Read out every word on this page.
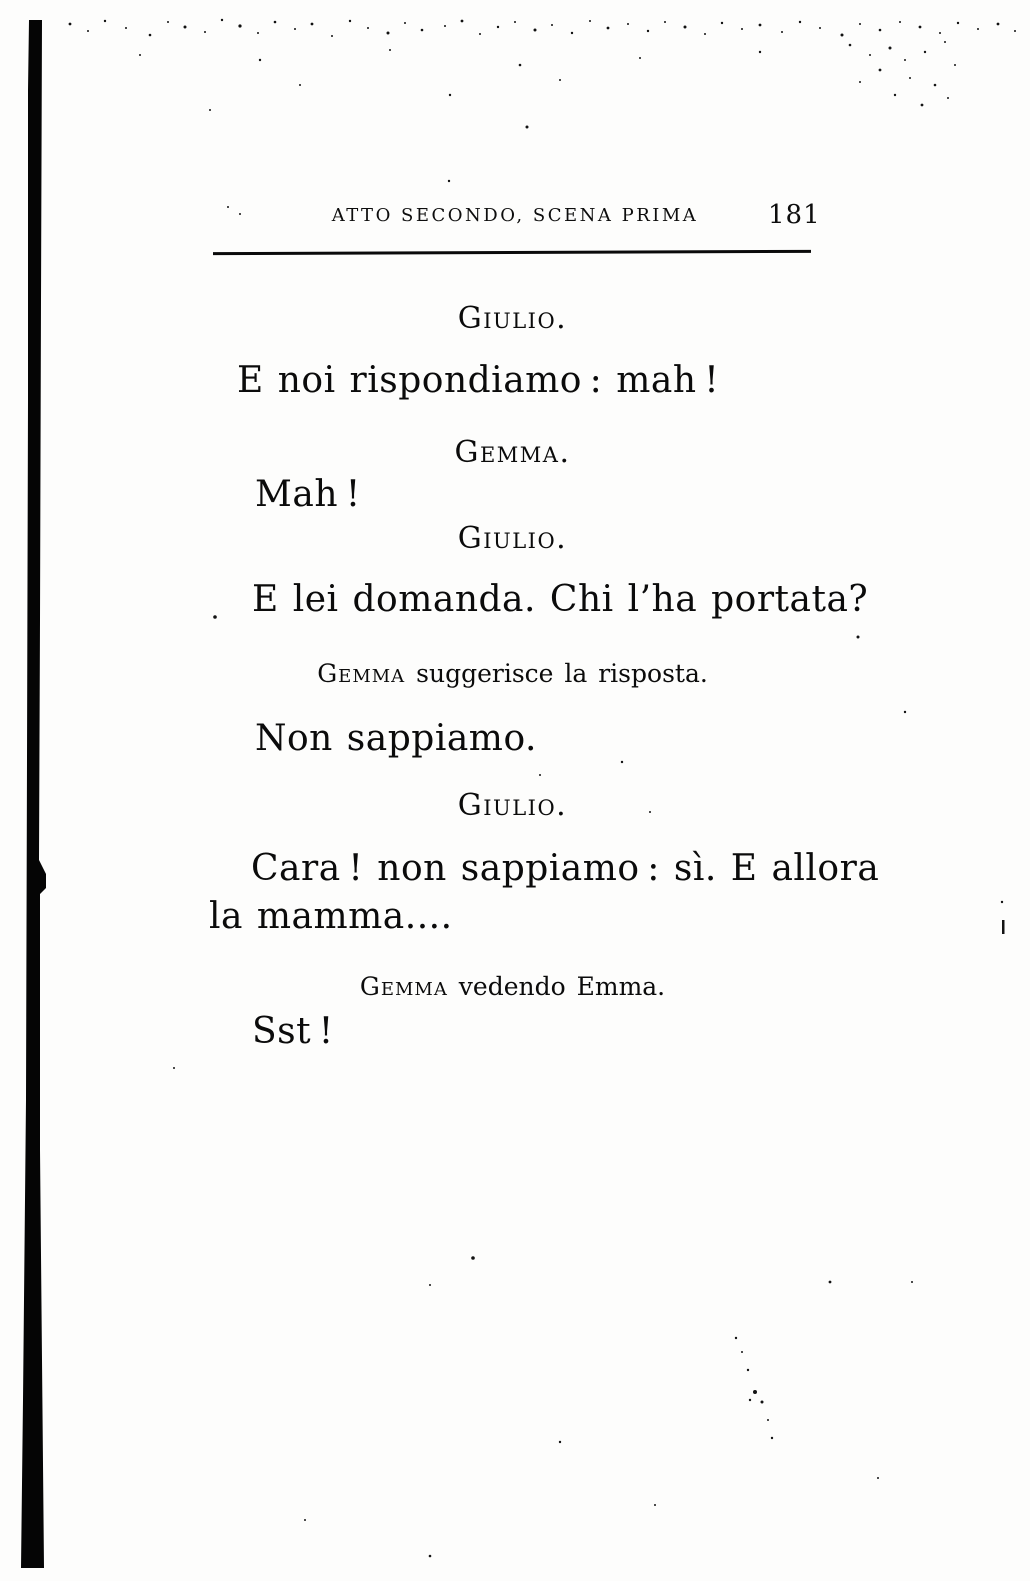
ATTO SECONDO, SCENA PRIMA	181
Giulio.
E noi rispondiamo : mah !
Gemma.
Mah !
Giulio.
E lei domanda. Chi l’ha portata?
Gemma suggerisce la risposta.
Non sappiamo.
Giulio.
Cara ! non sappiamo : sì. E allora
la mamma....
Gemma vedendo Emma.
Sst !
